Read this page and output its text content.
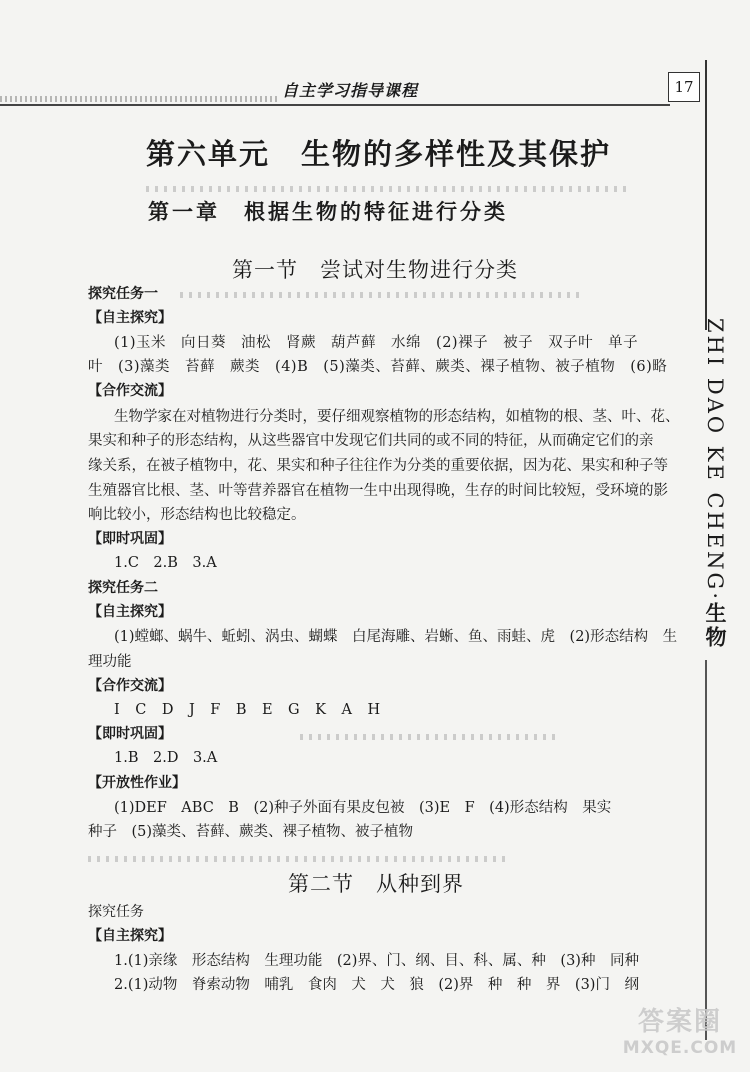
自主学习指导课程	17
ZHI DAO KE CHENG·生物
第六单元　生物的多样性及其保护
第一章　根据生物的特征进行分类
第一节　尝试对生物进行分类
探究任务一
【自主探究】
(1)玉米　向日葵　油松　肾蕨　葫芦藓　水绵　(2)裸子　被子　双子叶　单子
叶　(3)藻类　苔藓　蕨类　(4)B　(5)藻类、苔藓、蕨类、裸子植物、被子植物　(6)略
【合作交流】
生物学家在对植物进行分类时，要仔细观察植物的形态结构，如植物的根、茎、叶、花、
果实和种子的形态结构，从这些器官中发现它们共同的或不同的特征，从而确定它们的亲
缘关系，在被子植物中，花、果实和种子往往作为分类的重要依据，因为花、果实和种子等
生殖器官比根、茎、叶等营养器官在植物一生中出现得晚，生存的时间比较短，受环境的影
响比较小，形态结构也比较稳定。
【即时巩固】
1.C　2.B　3.A
探究任务二
【自主探究】
(1)螳螂、蜗牛、蚯蚓、涡虫、蝴蝶　白尾海雕、岩蜥、鱼、雨蛙、虎　(2)形态结构　生
理功能
【合作交流】
I　C　D　J　F　B　E　G　K　A　H
【即时巩固】
1.B　2.D　3.A
【开放性作业】
(1)DEF　ABC　B　(2)种子外面有果皮包被　(3)E　F　(4)形态结构　果实
种子　(5)藻类、苔藓、蕨类、裸子植物、被子植物
第二节　从种到界
探究任务
【自主探究】
1.(1)亲缘　形态结构　生理功能　(2)界、门、纲、目、科、属、种　(3)种　同种
2.(1)动物　脊索动物　哺乳　食肉　犬　犬　狼　(2)界　种　种　界　(3)门　纲
答案圈
MXQE.COM
